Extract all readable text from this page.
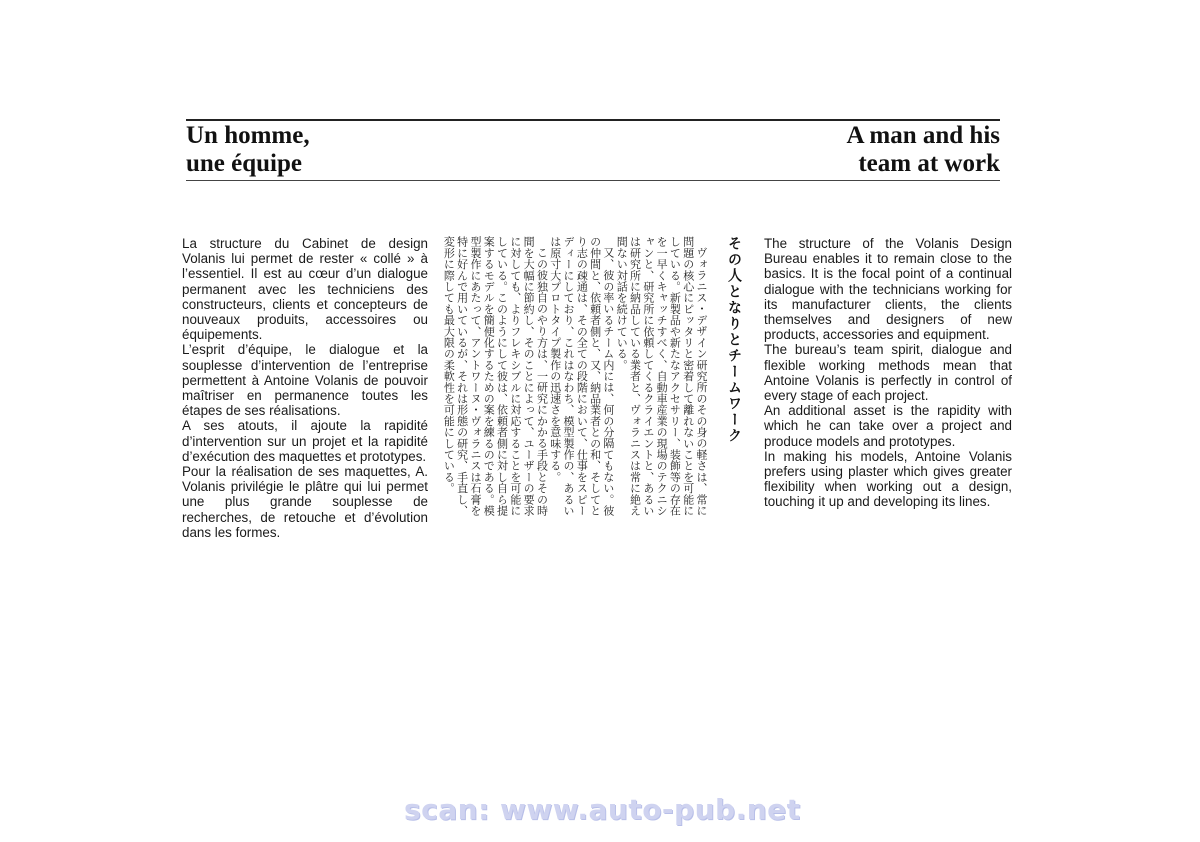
Un homme,
une équipe
A man and his
team at work

La structure du Cabinet de design Volanis lui permet de rester « collé » à l’essentiel. Il est au cœur d’un dialogue permanent avec les techniciens des constructeurs, clients et concepteurs de nouveaux produits, accessoires ou équipements.

L’esprit d’équipe, le dialogue et la souplesse d’intervention de l’entreprise permettent à Antoine Volanis de pouvoir maîtriser en permanence toutes les étapes de ses réalisations.

A ses atouts, il ajoute la rapidité d’intervention sur un projet et la rapidité d’exécution des maquettes et prototypes.

Pour la réalisation de ses maquettes, A. Volanis privilégie le plâtre qui lui permet une plus grande souplesse de recherches, de retouche et d’évolution dans les formes.

その人となりとチームワーク

ヴォラニス・デザイン研究所のその身の軽さは、常に問題の核心にピッタリと密着して離れないことを可能にしている。新製品や新たなアクセサリー、装飾等の存在を一早くキャッチすべく、自動車産業の現場のテクニシャンと、研究所に依頼してくるクライエントと、あるいは研究所に納品している業者と、ヴォラニスは常に絶え間ない対話を続けている。

又、彼の率いるチーム内には、何の分隔てもない。彼の仲間と、依頼者側と、又、納品業者との和、そしてとり志の疎通は、その全ての段階において、仕事をスピーディーにしており、これはなわち、模型製作の、あるいは原寸大プロトタイプ製作の迅速さを意味する。

この彼独自のやり方は、一研究にかかる手段とその時間を大幅に節約し、そのことによって、ユーザーの要求に対しても、よりフレキシブルに対応することを可能にしている。このようにして彼は、依頼者側に対し自ら提案するモデルを簡便化するための案を練るのである。模型製作にあたって、アントワーヌ・ヴォラニスは石膏を特に好んで用いているが、それは形態の研究、手直し、変形に際しても最大限の柔軟性を可能にしている。	The structure of the Volanis Design Bureau enables it to remain close to the basics. It is the focal point of a continual dialogue with the technicians working for its manufacturer clients, the clients themselves and designers of new products, accessories and equipment.

The bureau’s team spirit, dialogue and flexible working methods mean that Antoine Volanis is perfectly in control of every stage of each project.

An additional asset is the rapidity with which he can take over a project and produce models and prototypes.

In making his models, Antoine Volanis prefers using plaster which gives greater flexibility when working out a design, touching it up and developing its lines.

scan: www.auto-pub.net
